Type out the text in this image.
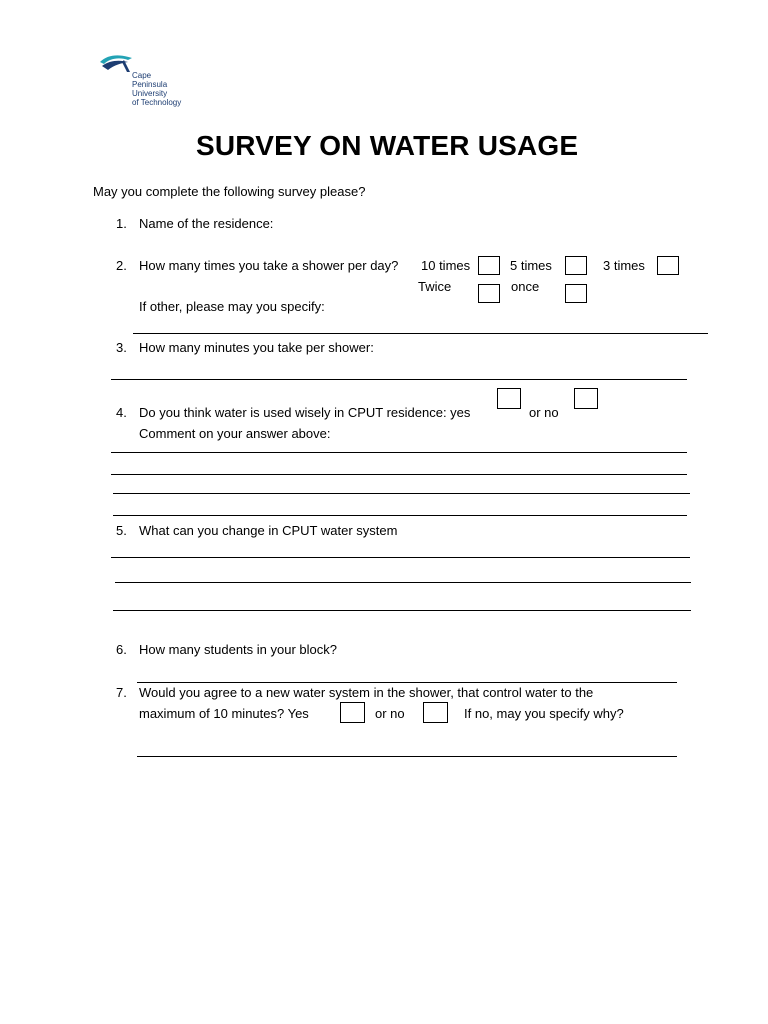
Cape
Peninsula
University
of Technology
SURVEY ON WATER USAGE
May you complete the following survey please?
1. Name of the residence:
2. How many times you take a shower per day? 10 times	5 times	3 times
Twice	once
If other, please may you specify:
3. How many minutes you take per shower:
4. Do you think water is used wisely in CPUT residence: yes	or no
Comment on your answer above:
5. What can you change in CPUT water system
6. How many students in your block?
7. Would you agree to a new water system in the shower, that control water to the
maximum of 10 minutes? Yes	or no	If no, may you specify why?
